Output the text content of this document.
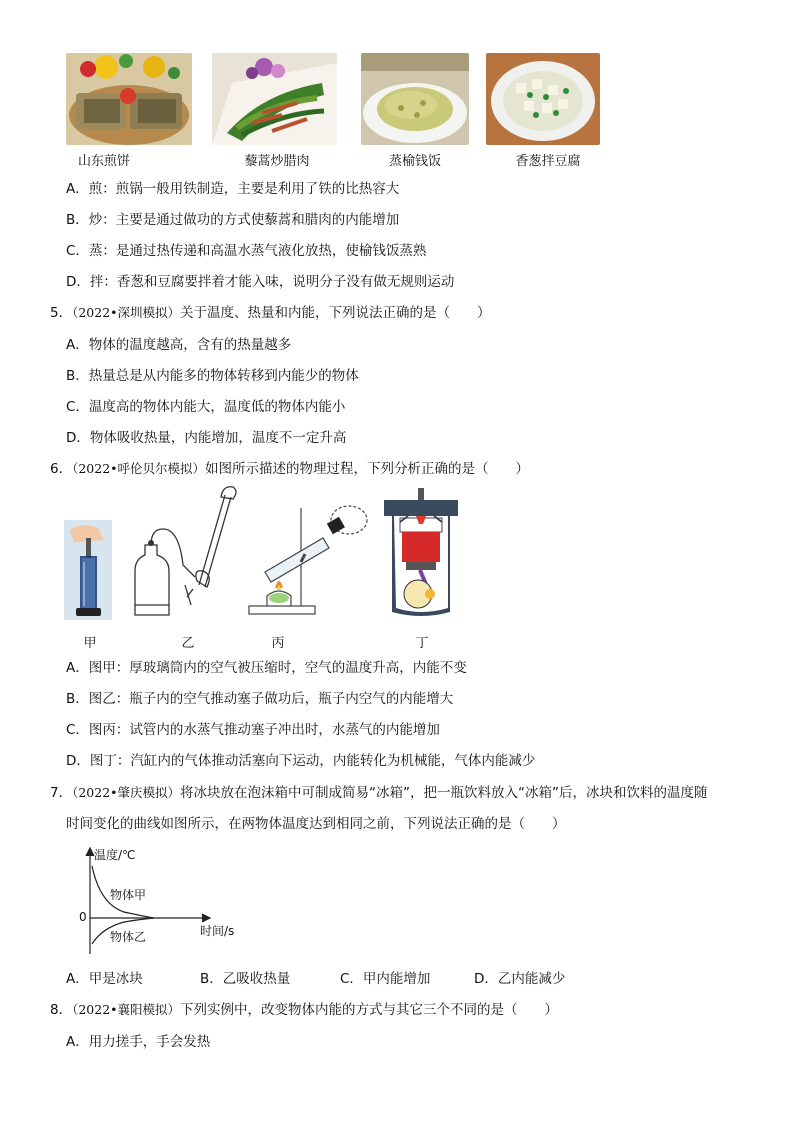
山东煎饼	藜蒿炒腊肉	蒸榆钱饭	香葱拌豆腐
A．煎：煎锅一般用铁制造，主要是利用了铁的比热容大
B．炒：主要是通过做功的方式使藜蒿和腊肉的内能增加
C．蒸：是通过热传递和高温水蒸气液化放热，使榆钱饭蒸熟
D．拌：香葱和豆腐要拌着才能入味，说明分子没有做无规则运动
5．（2022•深圳模拟）关于温度、热量和内能，下列说法正确的是（　　）
A．物体的温度越高，含有的热量越多
B．热量总是从内能多的物体转移到内能少的物体
C．温度高的物体内能大，温度低的物体内能小
D．物体吸收热量，内能增加，温度不一定升高
6．（2022•呼伦贝尔模拟）如图所示描述的物理过程，下列分析正确的是（　　）
甲	乙	丙	丁
A．图甲：厚玻璃筒内的空气被压缩时，空气的温度升高，内能不变
B．图乙：瓶子内的空气推动塞子做功后，瓶子内空气的内能增大
C．图丙：试管内的水蒸气推动塞子冲出时，水蒸气的内能增加
D．图丁：汽缸内的气体推动活塞向下运动，内能转化为机械能，气体内能减少
7．（2022•肇庆模拟）将冰块放在泡沫箱中可制成简易“冰箱”，把一瓶饮料放入“冰箱”后，冰块和饮料的温度随
时间变化的曲线如图所示，在两物体温度达到相同之前，下列说法正确的是（　　）
温度/℃
时间/s
0
物体甲
物体乙
A．甲是冰块	B．乙吸收热量	C．甲内能增加	D．乙内能减少
8．（2022•襄阳模拟）下列实例中，改变物体内能的方式与其它三个不同的是（　　）
A．用力搓手，手会发热
